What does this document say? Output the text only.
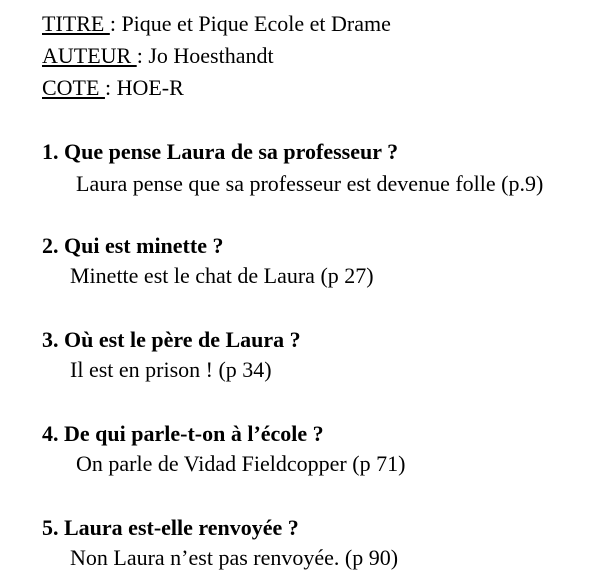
TITRE : Pique et Pique Ecole et Drame
AUTEUR : Jo Hoesthandt
COTE : HOE-R
1. Que pense Laura de sa professeur ?
Laura pense que sa professeur est devenue folle (p.9)
2. Qui est minette ?
Minette est le chat de Laura (p 27)
3. Où est le père de Laura ?
Il est en prison ! (p 34)
4. De qui parle-t-on à l’école ?
On parle de Vidad Fieldcopper (p 71)
5. Laura est-elle renvoyée ?
Non Laura n’est pas renvoyée. (p 90)
